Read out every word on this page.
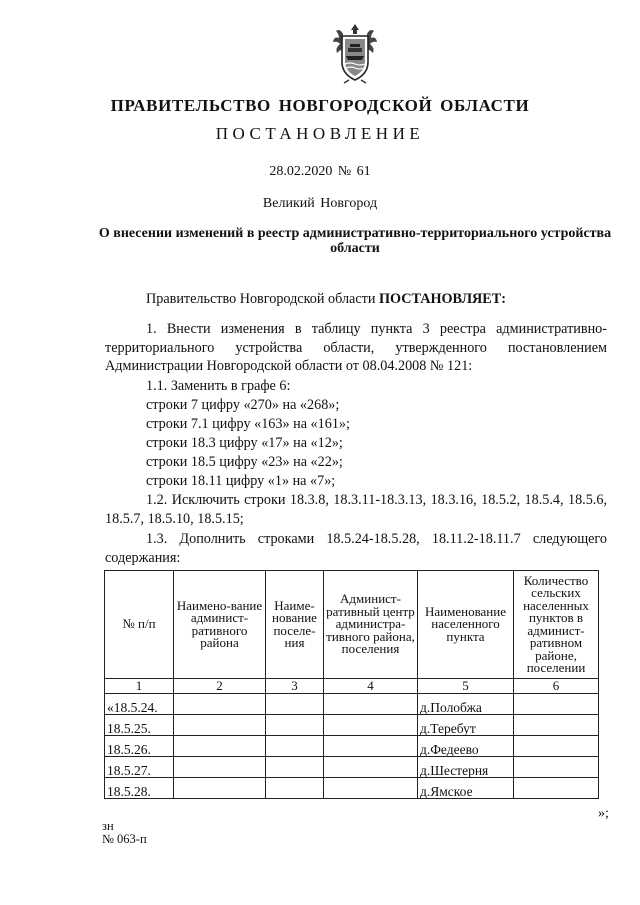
ПРАВИТЕЛЬСТВО НОВГОРОДСКОЙ ОБЛАСТИ
ПОСТАНОВЛЕНИЕ
28.02.2020 № 61
Великий Новгород
О внесении изменений в реестр административно-территориального устройства области
Правительство Новгородской области ПОСТАНОВЛЯЕТ:
1. Внести изменения в таблицу пункта 3 реестра административно-территориального устройства области, утвержденного постановлением Администрации Новгородской области от 08.04.2008 № 121:
1.1. Заменить в графе 6:
строки 7 цифру «270» на «268»;
строки 7.1 цифру «163» на «161»;
строки 18.3 цифру «17» на «12»;
строки 18.5 цифру «23» на «22»;
строки 18.11 цифру «1» на «7»;
1.2. Исключить строки 18.3.8, 18.3.11-18.3.13, 18.3.16, 18.5.2, 18.5.4, 18.5.6, 18.5.7, 18.5.10, 18.5.15;
1.3. Дополнить строками 18.5.24-18.5.28, 18.11.2-18.11.7 следующего содержания:
№ п/п	Наимено-вание админист-ративного района	Наиме-нование поселе-ния	Админист-ративный центр администра-тивного района, поселения	Наименование населенного пункта	Количество сельских населенных пунктов в админист-ративном районе, поселении
1	2	3	4	5	6
«18.5.24.				д.Полобжа	
18.5.25.				д.Теребут	
18.5.26.				д.Федеево	
18.5.27.				д.Шестерня	
18.5.28.				д.Ямское	
»;
зн
№ 063-п
